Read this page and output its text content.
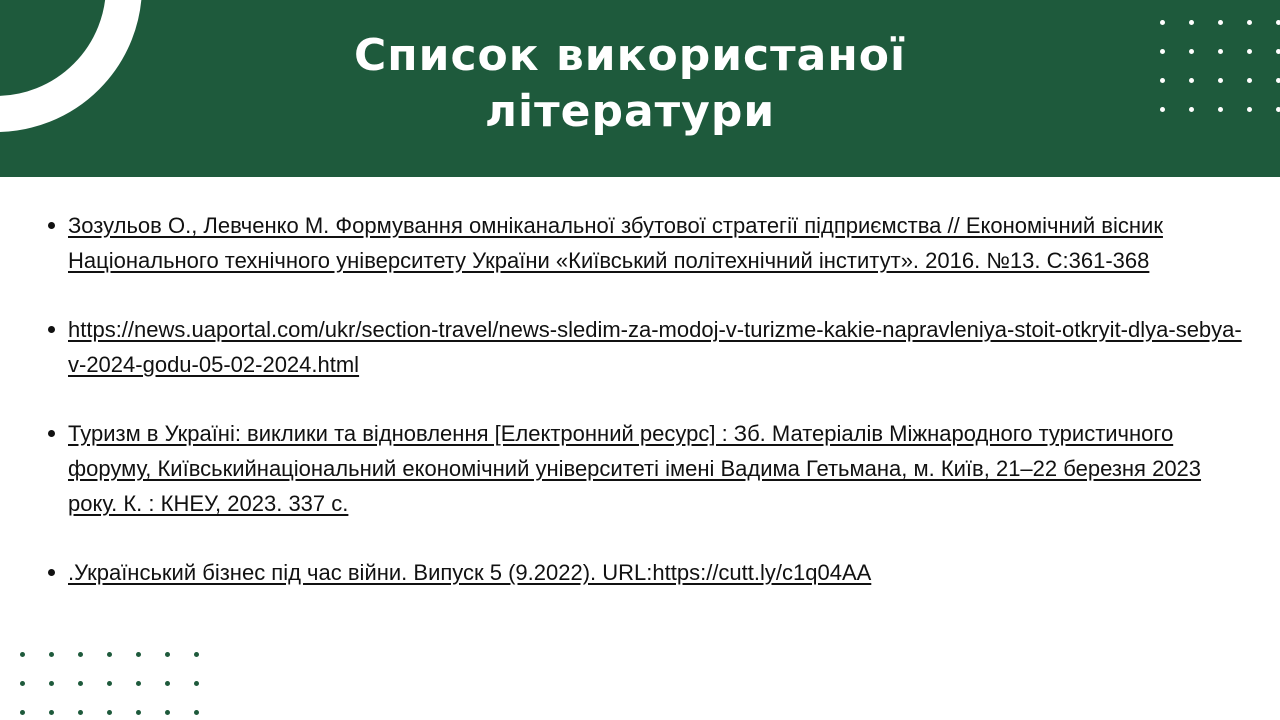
Список використаної літератури
Зозульов О., Левченко М. Формування омніканальної збутової стратегії підприємства // Економічний вісник Національного технічного університету України «Київський політехнічний інститут». 2016. №13. С:361-368
https://news.uaportal.com/ukr/section-travel/news-sledim-za-modoj-v-turizme-kakie-napravleniya-stoit-otkryit-dlya-sebya-v-2024-godu-05-02-2024.html
Туризм в Україні: виклики та відновлення [Електронний ресурс] : Зб. Матеріалів Міжнародного туристичного форуму, Київськийнаціональний економічний університеті імені Вадима Гетьмана, м. Київ, 21–22 березня 2023 року. К. : КНЕУ, 2023. 337 с.
.Український бізнес під час війни. Випуск 5 (9.2022). URL:https://cutt.ly/c1q04AA
